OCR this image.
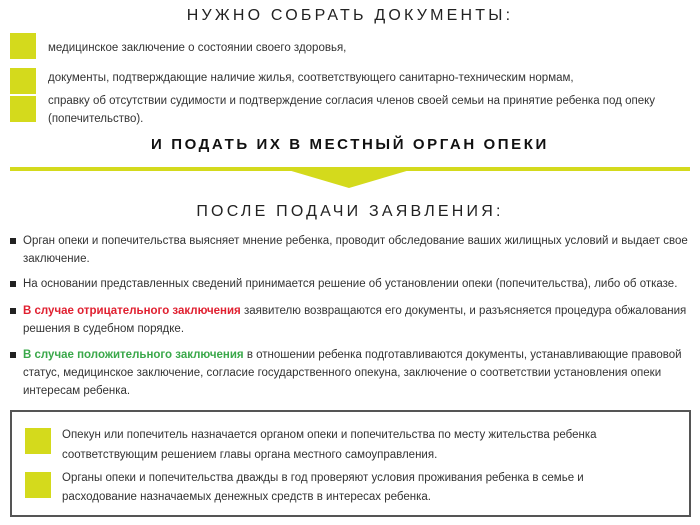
НУЖНО СОБРАТЬ ДОКУМЕНТЫ:
медицинское заключение о состоянии своего здоровья,
документы, подтверждающие наличие жилья, соответствующего санитарно-техническим нормам,
справку об отсутствии судимости и подтверждение согласия членов своей семьи на принятие ребенка под опеку
(попечительство).
И ПОДАТЬ ИХ В МЕСТНЫЙ ОРГАН ОПЕКИ
ПОСЛЕ ПОДАЧИ ЗАЯВЛЕНИЯ:
Орган опеки и попечительства выясняет мнение ребенка, проводит обследование ваших жилищных условий и выдает свое
заключение.
На основании представленных сведений принимается решение об установлении опеки (попечительства), либо об отказе.
В случае отрицательного заключения заявителю возвращаются его документы, и разъясняется процедура обжалования
решения в судебном порядке.
В случае положительного заключения в отношении ребенка подготавливаются документы, устанавливающие правовой
статус, медицинское заключение, согласие государственного опекуна, заключение о соответствии установления опеки
интересам ребенка.
Опекун или попечитель назначается органом опеки и попечительства по месту жительства ребенка
соответствующим решением главы органа местного самоуправления.
Органы опеки и попечительства дважды в год проверяют условия проживания ребенка в семье и
расходование назначаемых денежных средств в интересах ребенка.
